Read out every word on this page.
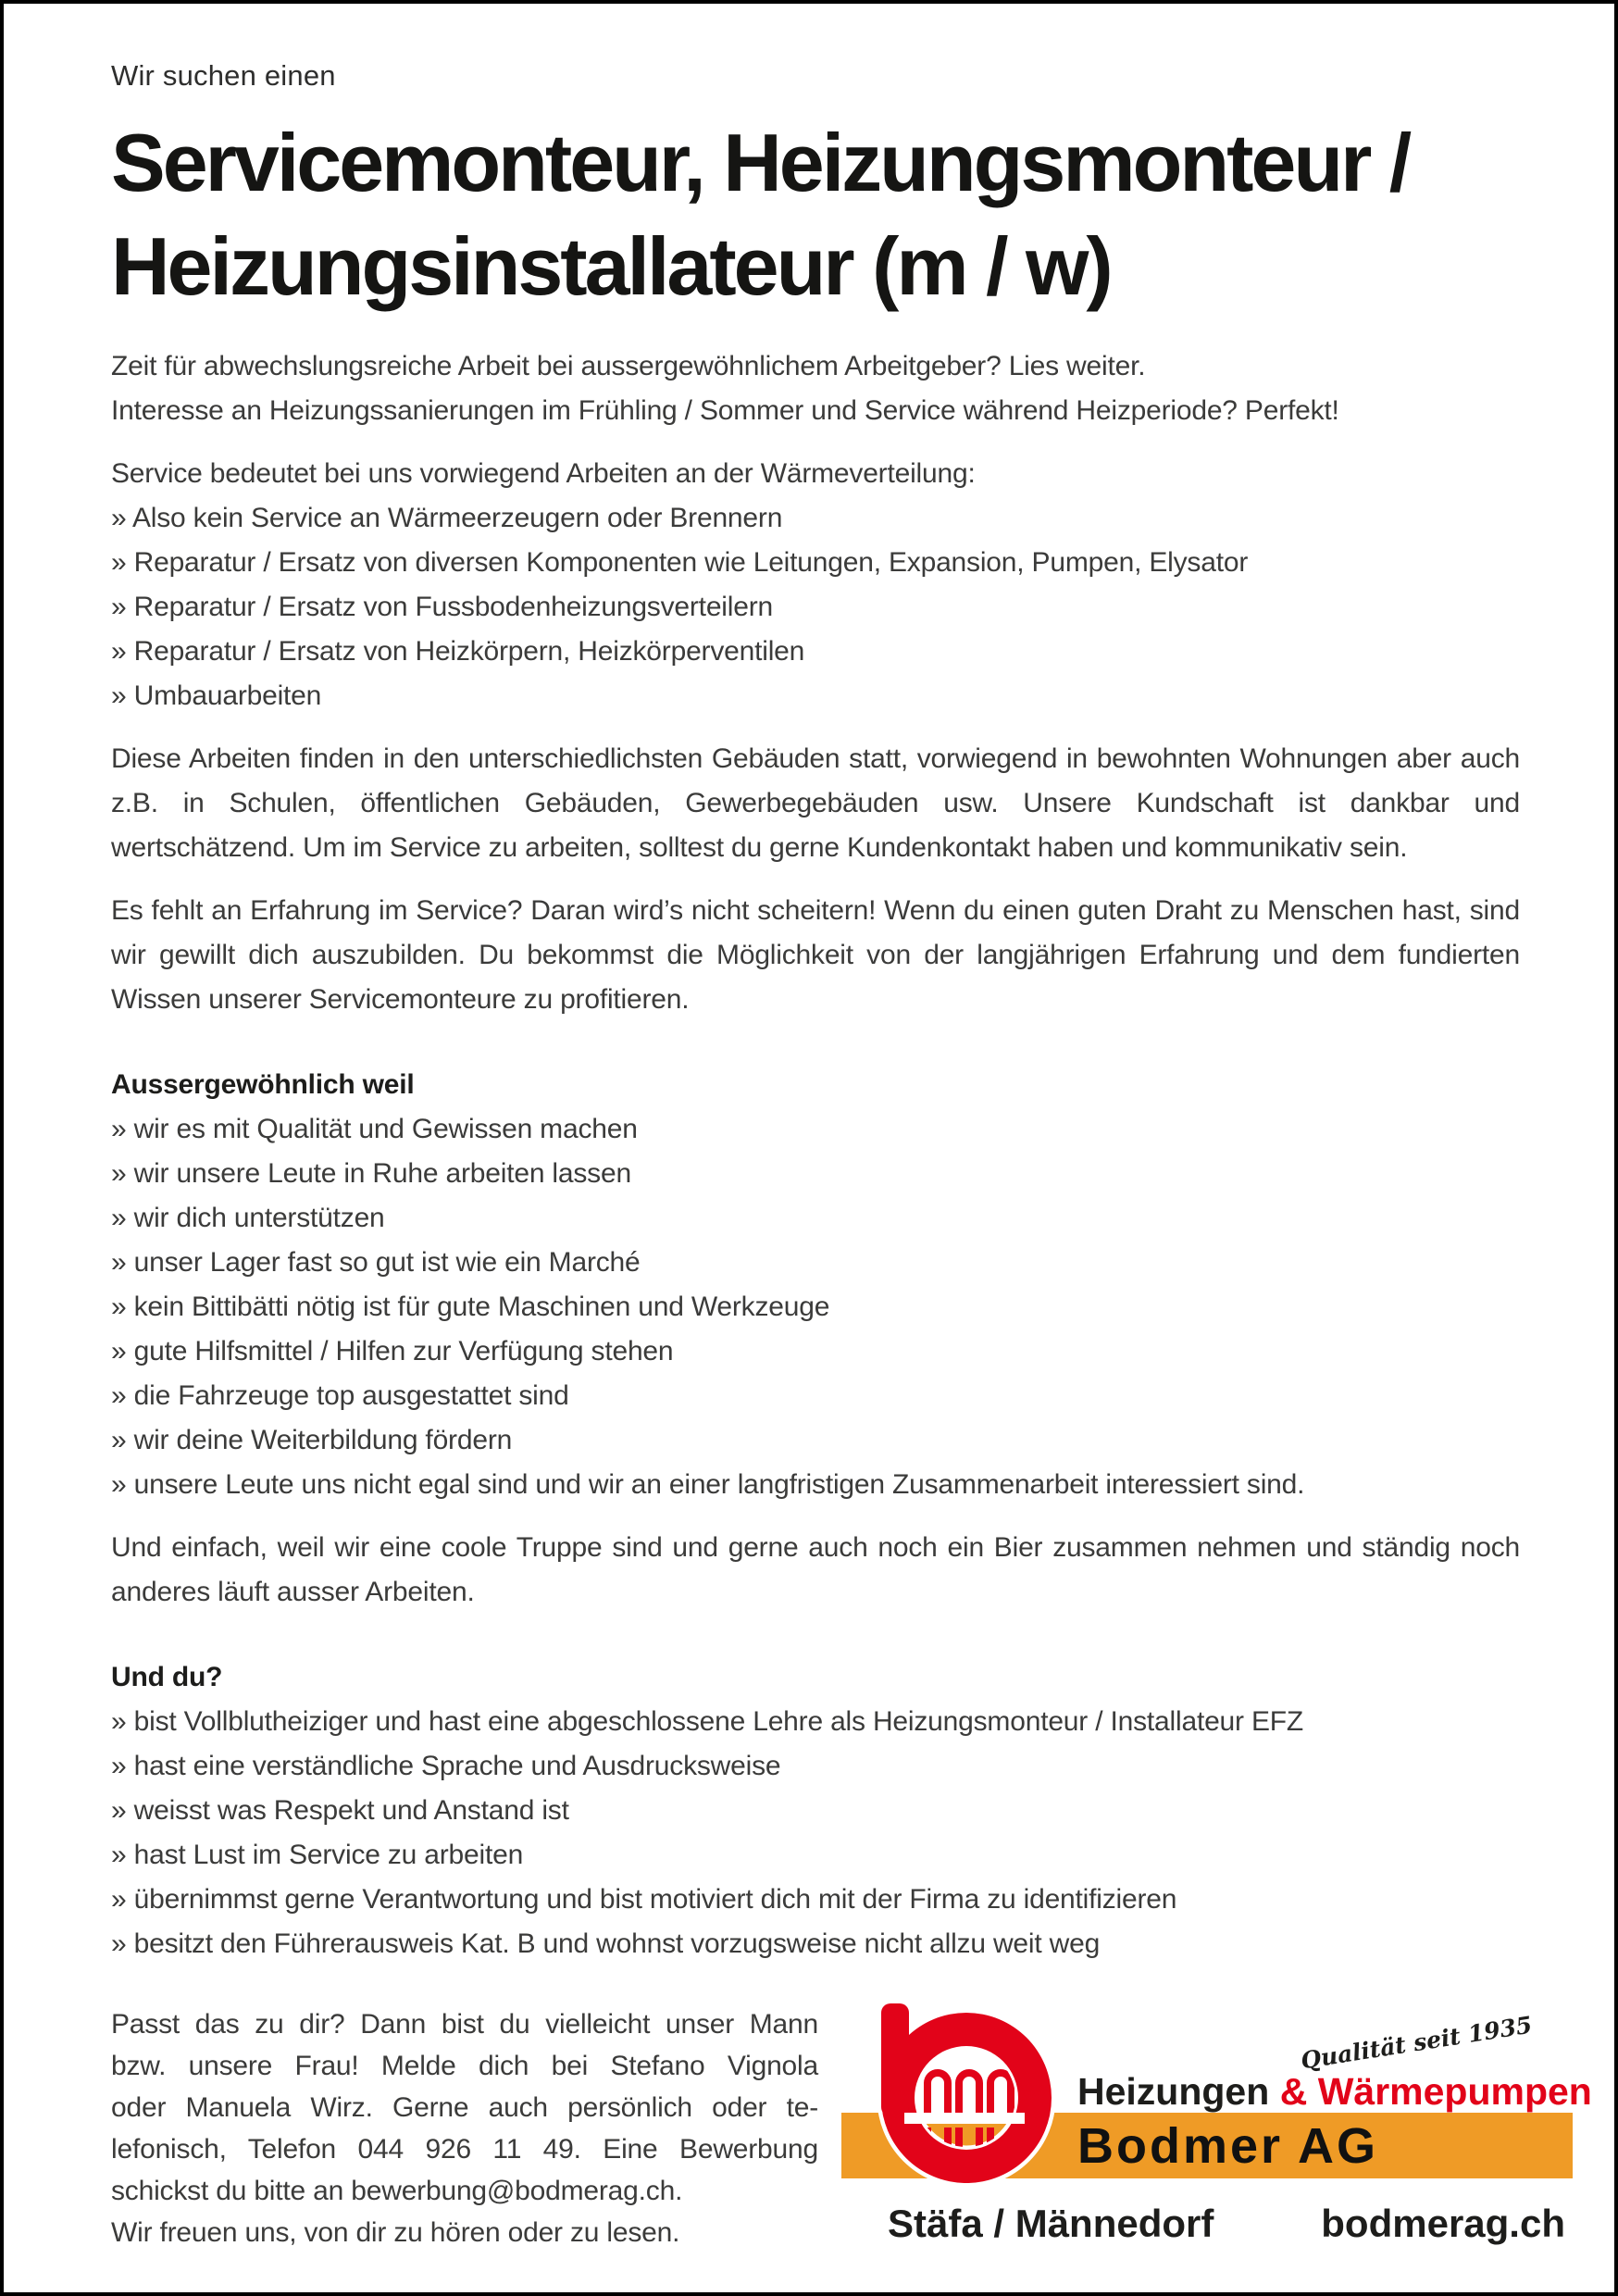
Wir suchen einen
Servicemonteur, Heizungsmonteur /
Heizungsinstallateur (m / w)
Zeit für abwechslungsreiche Arbeit bei aussergewöhnlichem Arbeitgeber? Lies weiter.
Interesse an Heizungssanierungen im Frühling / Sommer und Service während Heizperiode? Perfekt!
Service bedeutet bei uns vorwiegend Arbeiten an der Wärmeverteilung:
» Also kein Service an Wärmeerzeugern oder Brennern
» Reparatur / Ersatz von diversen Komponenten wie Leitungen, Expansion, Pumpen, Elysator
» Reparatur / Ersatz von Fussbodenheizungsverteilern
» Reparatur / Ersatz von Heizkörpern, Heizkörperventilen
» Umbauarbeiten
Diese Arbeiten finden in den unterschiedlichsten Gebäuden statt, vorwiegend in bewohnten Wohnungen aber auch z.B. in Schulen, öffentlichen Gebäuden, Gewerbegebäuden usw. Unsere Kundschaft ist dankbar und wertschätzend. Um im Service zu arbeiten, solltest du gerne Kundenkontakt haben und kommunikativ sein.
Es fehlt an Erfahrung im Service? Daran wird’s nicht scheitern! Wenn du einen guten Draht zu Menschen hast, sind wir gewillt dich auszubilden. Du bekommst die Möglichkeit von der langjährigen Erfahrung und dem fundierten Wissen unserer Servicemonteure zu profitieren.
Aussergewöhnlich weil
» wir es mit Qualität und Gewissen machen
» wir unsere Leute in Ruhe arbeiten lassen
» wir dich unterstützen
» unser Lager fast so gut ist wie ein Marché
» kein Bittibätti nötig ist für gute Maschinen und Werkzeuge
» gute Hilfsmittel / Hilfen zur Verfügung stehen
» die Fahrzeuge top ausgestattet sind
» wir deine Weiterbildung fördern
» unsere Leute uns nicht egal sind und wir an einer langfristigen Zusammenarbeit interessiert sind.
Und einfach, weil wir eine coole Truppe sind und gerne auch noch ein Bier zusammen nehmen und ständig noch anderes läuft ausser Arbeiten.
Und du?
» bist Vollblutheiziger und hast eine abgeschlossene Lehre als Heizungsmonteur / Installateur EFZ
» hast eine verständliche Sprache und Ausdrucksweise
» weisst was Respekt und Anstand ist
» hast Lust im Service zu arbeiten
» übernimmst gerne Verantwortung und bist motiviert dich mit der Firma zu identifizieren
» besitzt den Führerausweis Kat. B und wohnst vorzugsweise nicht allzu weit weg
Passt das zu dir? Dann bist du vielleicht unser Mann
bzw. unsere Frau! Melde dich bei Stefano Vignola
oder Manuela Wirz. Gerne auch persönlich oder te-
lefonisch, Telefon 044 926 11 49. Eine Bewerbung
schickst du bitte an bewerbung@bodmerag.ch.
Wir freuen uns, von dir zu hören oder zu lesen.
Qualität seit 1935
Heizungen & Wärmepumpen
Bodmer AG
Stäfa / Männedorf	bodmerag.ch
